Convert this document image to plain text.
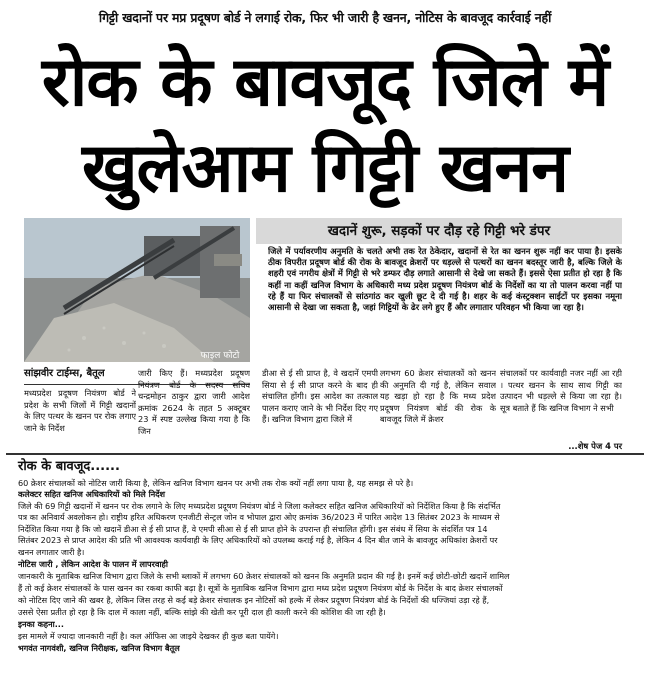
गिट्टी खदानों पर मप्र प्रदूषण बोर्ड ने लगाई रोक, फिर भी जारी है खनन, नोटिस के बावजूद कार्रवाई नहीं
रोक के बावजूद जिले में
खुलेआम गिट्टी खनन
फाइल फोटो
सांझवीर टाईम्स, बैतूल
खदानें शुरू, सड़कों पर दौड़ रहे गिट्टी भरे डंपर
जिले में पर्यावरणीय अनुमति के चलते अभी तक रेत ठेकेदार, खदानों से रेत का खनन शुरू नहीं कर पाया है। इसके ठीक विपरीत प्रदूषण बोर्ड की रोक के बावजूद क्रेशरों पर धड़ल्ले से पत्थरों का खनन बदस्तूर जारी है, बल्कि जिले के शहरी एवं नगरीय क्षेत्रों में गिट्टी से भरे डम्फर दौड़ लगाते आसानी से देखे जा सकते हैं। इससे ऐसा प्रतीत हो रहा है कि कहीं ना कहीं खनिज विभाग के अधिकारी मध्य प्रदेश प्रदूषण नियंत्रण बोर्ड के निर्देशों का या तो पालन करवा नहीं पा रहे हैं या फिर संचालकों से सांठगांठ कर खुली छूट दे दी गई है। शहर के कई कंस्ट्रक्शन साईटों पर इसका नमूना आसानी से देखा जा सकता है, जहां गिट्टियों के ढेर लगे हुए हैं और लगातार परिवहन भी किया जा रहा है।
मध्यप्रदेश प्रदूषण नियंत्रण बोर्ड ने प्रदेश के सभी जिलों में गिट्टी खदानों के लिए पत्थर के खनन पर रोक लगाए जाने के निर्देश
जारी किए हैं। मध्यप्रदेश प्रदूषण नियंत्रण बोर्ड के सदस्य सचिव चन्द्रमोहन ठाकुर द्वारा जारी आदेश क्रमांक 2624 के तहत 5 अक्टूबर 23 में स्पष्ट उल्लेख किया गया है कि जिन
डीआ से ई सी प्राप्त है, वे खदानें एमपी सिया से ई सी प्राप्त करने के बाद ही संचालित होंगी। इस आदेश का तत्काल पालन कराए जाने के भी निर्देश दिए गए हैं। खनिज विभाग द्वारा जिले में
लगभग 60 क्रेशर संचालकों को खनन की अनुमति दी गई है, लेकिन सवाल यह खड़ा हो रहा है कि मध्य प्रदेश प्रदूषण नियंत्रण बोर्ड की रोक के बावजूद जिले में क्रेशर
संचालकों पर कार्यवाही नजर नहीं आ रही । पत्थर खनन के साथ साथ गिट्टी का उत्पादन भी धड़ल्ले से किया जा रहा है। सूत्र बताते हैं कि खनिज विभाग ने सभी
...शेष पेज 4 पर
रोक के बावजूद......
60 क्रेशर संचालकों को नोटिस जारी किया है, लेकिन खनिज विभाग खनन पर अभी तक रोक क्यों नहीं लगा पाया है, यह समझ से परे है।
कलेक्टर सहित खनिज अधिकारियों को मिले निर्देश
जिले की 69 गिट्टी खदानों में खनन पर रोक लगाने के लिए मध्यप्रदेश प्रदूषण नियंत्रण बोर्ड ने जिला कलेक्टर सहित खनिज अधिकारियों को निर्देशित किया है कि संदर्भित
पत्र का अनिवार्य अवलोकन हो। राष्ट्रीय हरित अधिकरण एनजीटी सेन्ट्रल जोन व भोपाल द्वारा ओए क्रमांक 36/2023 में पारित आदेश 13 सितंबर 2023 के माध्यम से
निर्देशित किया गया है कि जो खदानें डीआ से ई सी प्राप्त हैं, वे एमपी सीआ से ई सी प्राप्त होने के उपरान्त ही संचालित होंगी। इस संबंध में सिया के संदर्शित पत्र 14
सितंबर 2023 से प्राप्त आदेश की प्रति भी आवश्यक कार्यवाही के लिए अधिकारियों को उपलब्ध कराई गई है, लेकिन 4 दिन बीत जाने के बावजूद अधिकांश क्रेशरों पर
खनन लगातार जारी है।
नोटिस जारी , लेकिन आदेश के पालन में लापरवाही
जानकारी के मुताबिक खनिज विभाग द्वारा जिले के सभी ब्लाकों में लगभग 60 क्रेशर संचालकों को खनन कि अनुमति प्रदान की गई है। इनमें कई छोटी-छोटी खदानें शामिल
हैं तो कई क्रेशर संचालकों के पास खनन का रकबा काफी बढ़ा है। सूत्रों के मुताबिक खनिज विभाग द्वारा मध्य प्रदेश प्रदूषण नियंत्रण बोर्ड के निर्देश के बाद क्रेशर संचालकों
को नोटिस दिए जाने की खबर है, लेकिन जिस तरह से कई बड़े क्रेशर संचालक इन नोटिसों को हल्के में लेकर प्रदूषण नियंत्रण बोर्ड के निर्देशों की धज्जियां उड़ा रहे हैं,
उससे ऐसा प्रतीत हो रहा है कि दाल में काला नहीं, बल्कि सांझे की खेती कर पूरी दाल ही काली करने की कोशिश की जा रही है।
इनका कहना...
इस मामले में ज्यादा जानकारी नहीं है। कल ऑफिस आ जाइये देखकर ही कुछ बता पायेंगे।
भगवंत नागवंशी, खनिज निरीक्षक, खनिज विभाग बैतूल
